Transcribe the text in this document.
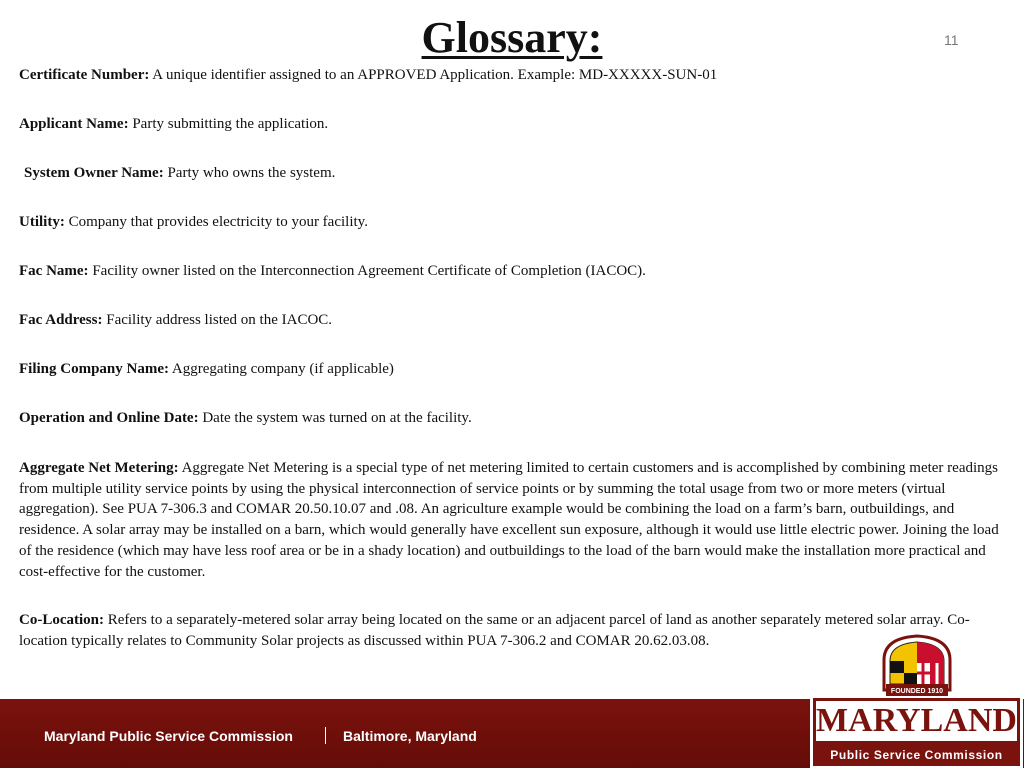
Glossary:	11
Certificate Number: A unique identifier assigned to an APPROVED Application. Example: MD-XXXXX-SUN-01
Applicant Name: Party submitting the application.
System Owner Name: Party who owns the system.
Utility: Company that provides electricity to your facility.
Fac Name: Facility owner listed on the Interconnection Agreement Certificate of Completion (IACOC).
Fac Address: Facility address listed on the IACOC.
Filing Company Name: Aggregating company (if applicable)
Operation and Online Date: Date the system was turned on at the facility.
Aggregate Net Metering: Aggregate Net Metering is a special type of net metering limited to certain customers and is accomplished by combining meter readings from multiple utility service points by using the physical interconnection of service points or by summing the total usage from two or more meters (virtual aggregation). See PUA 7-306.3 and COMAR 20.50.10.07 and .08. An agriculture example would be combining the load on a farm’s barn, outbuildings, and residence. A solar array may be installed on a barn, which would generally have excellent sun exposure, although it would use little electric power. Joining the load of the residence (which may have less roof area or be in a shady location) and outbuildings to the load of the barn would make the installation more practical and cost-effective for the customer.
Co-Location: Refers to a separately-metered solar array being located on the same or an adjacent parcel of land as another separately metered solar array. Co-location typically relates to Community Solar projects as discussed within PUA 7-306.2 and COMAR 20.62.03.08.
Maryland Public Service Commission	Baltimore, Maryland
FOUNDED 1910
MARYLAND
Public Service Commission
